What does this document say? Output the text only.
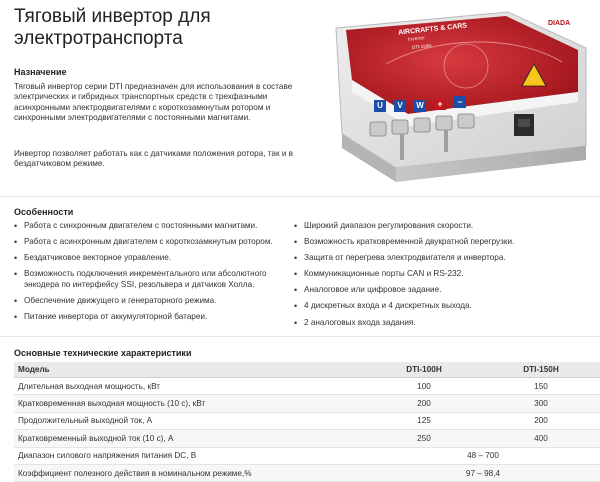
Тяговый инвертор для
электротранспорта
Назначение
Тяговый инвертор серии DTI предназначен для использования в составе электрических и гибридных транспортных средств с трехфазными асинхронными электродвигателями с короткозамкнутым ротором и синхронными электродвигателями с постоянными магнитами.
Инвертор позволяет работать как с датчиками положения ротора, так и в бездатчиковом режиме.
⚡
DIADA
AIRCRAFTS & CARS
Inverter
DTI-150H
U	V	W	+	−
Особенности
• Работа с синхронным двигателем с постоянными магнитами.
• Работа с асинхронным двигателем с короткозамкнутым ротором.
• Бездатчиковое векторное управление.
• Возможность подключения инкрементального или абсолютного энкодера по интерфейсу SSI, резольвера и датчиков Холла.
• Обеспечение движущего и генераторного режима.
• Питание инвертора от аккумуляторной батареи.
• Широкий диапазон регулирования скорости.
• Возможность кратковременной двукратной перегрузки.
• Защита от перегрева электродвигателя и инвертора.
• Коммуникационные порты CAN и RS-232.
• Аналоговое или цифровое задание.
• 4 дискретных входа и 4 дискретных выхода.
• 2 аналоговых входа задания.
Основные технические характеристики
Модель	DTI-100H	DTI-150H
Длительная выходная мощность, кВт	100	150
Кратковременная выходная мощность (10 с), кВт	200	300
Продолжительный выходной ток, А	125	200
Кратковременный выходной ток (10 с), А	250	400
Диапазон силового напряжения питания DC, В	48 – 700	
Коэффициент полезного действия в номинальном режиме,%	97 – 98,4	
